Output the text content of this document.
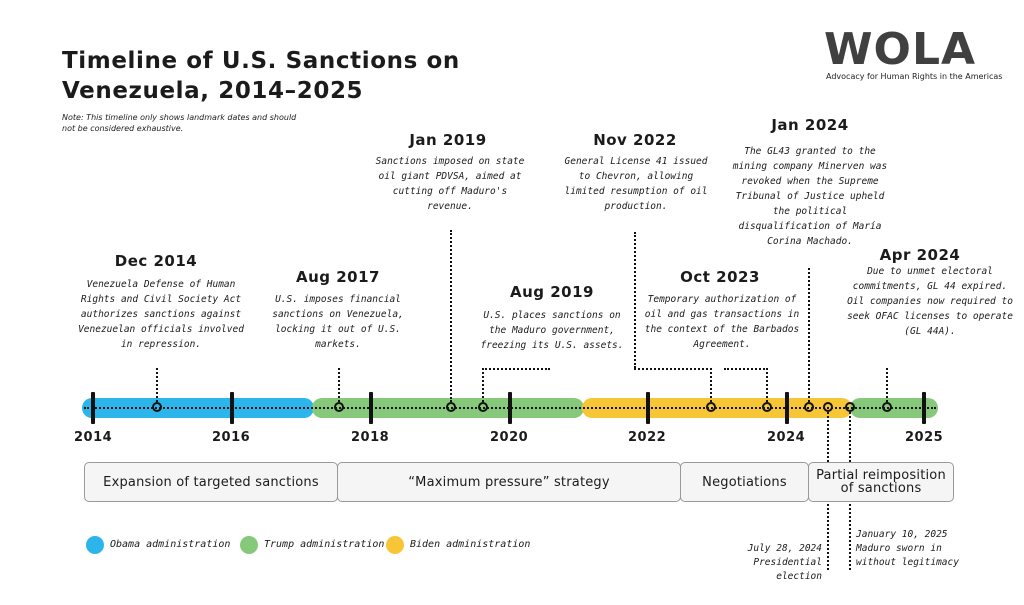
Timeline of U.S. Sanctions on Venezuela, 2014–2025
Note: This timeline only shows landmark dates and should not be considered exhaustive.
WOLA
Advocacy for Human Rights in the Americas
2014	2016	2018	2020	2022	2024	2025
Dec 2014
Venezuela Defense of Human Rights and Civil Society Act authorizes sanctions against Venezuelan officials involved in repression.
Aug 2017
U.S. imposes financial sanctions on Venezuela, locking it out of U.S. markets.
Jan 2019
Sanctions imposed on state oil giant PDVSA, aimed at cutting off Maduro's revenue.
Aug 2019
U.S. places sanctions on the Maduro government, freezing its U.S. assets.
Nov 2022
General License 41 issued to Chevron, allowing limited resumption of oil production.
Oct 2023
Temporary authorization of oil and gas transactions in the context of the Barbados Agreement.
Jan 2024
The GL43 granted to the mining company Minerven was revoked when the Supreme Tribunal of Justice upheld the political disqualification of María Corina Machado.
Apr 2024
Due to unmet electoral commitments, GL 44 expired. Oil companies now required to seek OFAC licenses to operate (GL 44A).
Expansion of targeted sanctions	“Maximum pressure” strategy	Negotiations	Partial reimposition of sanctions
Obama administration	Trump administration	Biden administration	July 28, 2024 Presidential election
January 10, 2025 Maduro sworn in without legitimacy
